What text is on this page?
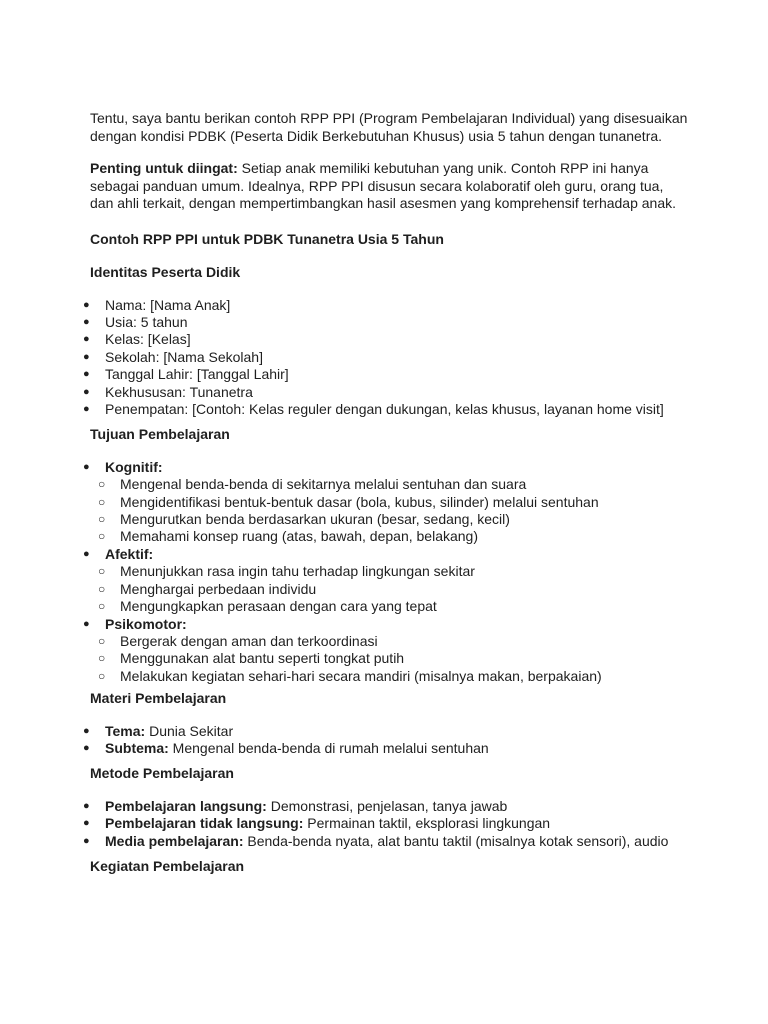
Tentu, saya bantu berikan contoh RPP PPI (Program Pembelajaran Individual) yang disesuaikan dengan kondisi PDBK (Peserta Didik Berkebutuhan Khusus) usia 5 tahun dengan tunanetra.

Penting untuk diingat: Setiap anak memiliki kebutuhan yang unik. Contoh RPP ini hanya sebagai panduan umum. Idealnya, RPP PPI disusun secara kolaboratif oleh guru, orang tua, dan ahli terkait, dengan mempertimbangkan hasil asesmen yang komprehensif terhadap anak.

Contoh RPP PPI untuk PDBK Tunanetra Usia 5 Tahun

Identitas Peserta Didik

● Nama: [Nama Anak]
● Usia: 5 tahun
● Kelas: [Kelas]
● Sekolah: [Nama Sekolah]
● Tanggal Lahir: [Tanggal Lahir]
● Kekhususan: Tunanetra
● Penempatan: [Contoh: Kelas reguler dengan dukungan, kelas khusus, layanan home visit]

Tujuan Pembelajaran

● Kognitif:
○ Mengenal benda-benda di sekitarnya melalui sentuhan dan suara
○ Mengidentifikasi bentuk-bentuk dasar (bola, kubus, silinder) melalui sentuhan
○ Mengurutkan benda berdasarkan ukuran (besar, sedang, kecil)
○ Memahami konsep ruang (atas, bawah, depan, belakang)
● Afektif:
○ Menunjukkan rasa ingin tahu terhadap lingkungan sekitar
○ Menghargai perbedaan individu
○ Mengungkapkan perasaan dengan cara yang tepat
● Psikomotor:
○ Bergerak dengan aman dan terkoordinasi
○ Menggunakan alat bantu seperti tongkat putih
○ Melakukan kegiatan sehari-hari secara mandiri (misalnya makan, berpakaian)

Materi Pembelajaran

● Tema: Dunia Sekitar
● Subtema: Mengenal benda-benda di rumah melalui sentuhan

Metode Pembelajaran

● Pembelajaran langsung: Demonstrasi, penjelasan, tanya jawab
● Pembelajaran tidak langsung: Permainan taktil, eksplorasi lingkungan
● Media pembelajaran: Benda-benda nyata, alat bantu taktil (misalnya kotak sensori), audio

Kegiatan Pembelajaran
